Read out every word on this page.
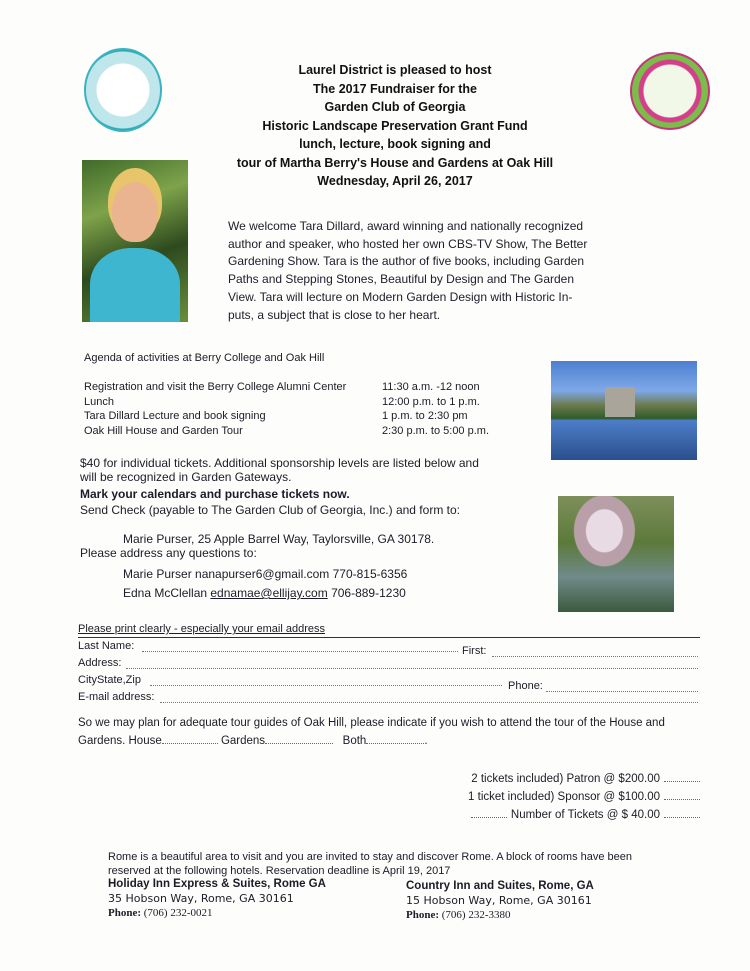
Laurel District is pleased to host
The 2017 Fundraiser for the
Garden Club of Georgia
Historic Landscape Preservation Grant Fund
lunch, lecture, book signing and
tour of Martha Berry's House and Gardens at Oak Hill
Wednesday, April 26, 2017
We welcome Tara Dillard, award winning and nationally recognized
author and speaker, who hosted her own CBS-TV Show, The Better
Gardening Show. Tara is the author of five books, including Garden
Paths and Stepping Stones, Beautiful by Design and The Garden
View. Tara will lecture on Modern Garden Design with Historic In-
puts, a subject that is close to her heart.
Agenda of activities at Berry College and Oak Hill
Registration and visit the Berry College Alumni Center	11:30 a.m. -12 noon
Lunch	12:00 p.m. to 1 p.m.
Tara Dillard Lecture and book signing	1 p.m. to 2:30 pm
Oak Hill House and Garden Tour	2:30 p.m. to 5:00 p.m.
$40 for individual tickets. Additional sponsorship levels are listed below and
will be recognized in Garden Gateways.
Mark your calendars and purchase tickets now.
Send Check (payable to The Garden Club of Georgia, Inc.) and form to:
Marie Purser, 25 Apple Barrel Way, Taylorsville, GA 30178.
Please address any questions to:
Marie Purser nanapurser6@gmail.com 770-815-6356
Edna McClellan ednamae@ellijay.com 706-889-1230
Please print clearly - especially your email address
Last Name:	First:
Address:
CityState,Zip	Phone:
E-mail address:
So we may plan for adequate tour guides of Oak Hill, please indicate if you wish to attend the tour of the House and
Gardens. House	Gardens	Both	.
2 tickets included) Patron @ $200.00
1 ticket included) Sponsor @ $100.00
Number of Tickets @ $ 40.00
Rome is a beautiful area to visit and you are invited to stay and discover Rome. A block of rooms have been
reserved at the following hotels. Reservation deadline is April 19, 2017
Holiday Inn Express & Suites, Rome GA
35 Hobson Way, Rome, GA 30161
Phone: (706) 232-0021
Country Inn and Suites, Rome, GA
15 Hobson Way, Rome, GA 30161
Phone: (706) 232-3380
